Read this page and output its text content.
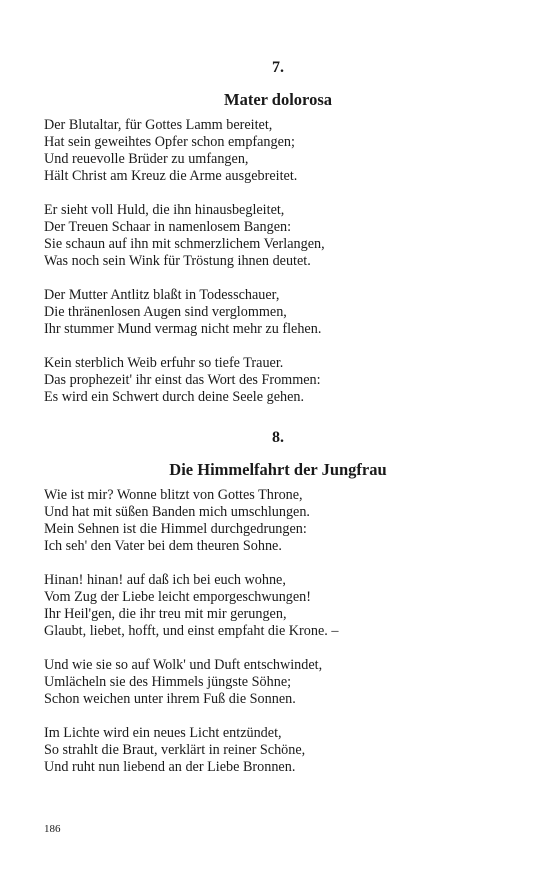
7.
Mater dolorosa
Der Blutaltar, für Gottes Lamm bereitet,
Hat sein geweihtes Opfer schon empfangen;
Und reuevolle Brüder zu umfangen,
Hält Christ am Kreuz die Arme ausgebreitet.
Er sieht voll Huld, die ihn hinausbegleitet,
Der Treuen Schaar in namenlosem Bangen:
Sie schaun auf ihn mit schmerzlichem Verlangen,
Was noch sein Wink für Tröstung ihnen deutet.
Der Mutter Antlitz blaßt in Todesschauer,
Die thränenlosen Augen sind verglommen,
Ihr stummer Mund vermag nicht mehr zu flehen.
Kein sterblich Weib erfuhr so tiefe Trauer.
Das prophezeit' ihr einst das Wort des Frommen:
Es wird ein Schwert durch deine Seele gehen.
8.
Die Himmelfahrt der Jungfrau
Wie ist mir? Wonne blitzt von Gottes Throne,
Und hat mit süßen Banden mich umschlungen.
Mein Sehnen ist die Himmel durchgedrungen:
Ich seh' den Vater bei dem theuren Sohne.
Hinan! hinan! auf daß ich bei euch wohne,
Vom Zug der Liebe leicht emporgeschwungen!
Ihr Heil'gen, die ihr treu mit mir gerungen,
Glaubt, liebet, hofft, und einst empfaht die Krone. –
Und wie sie so auf Wolk' und Duft entschwindet,
Umlächeln sie des Himmels jüngste Söhne;
Schon weichen unter ihrem Fuß die Sonnen.
Im Lichte wird ein neues Licht entzündet,
So strahlt die Braut, verklärt in reiner Schöne,
Und ruht nun liebend an der Liebe Bronnen.
186
